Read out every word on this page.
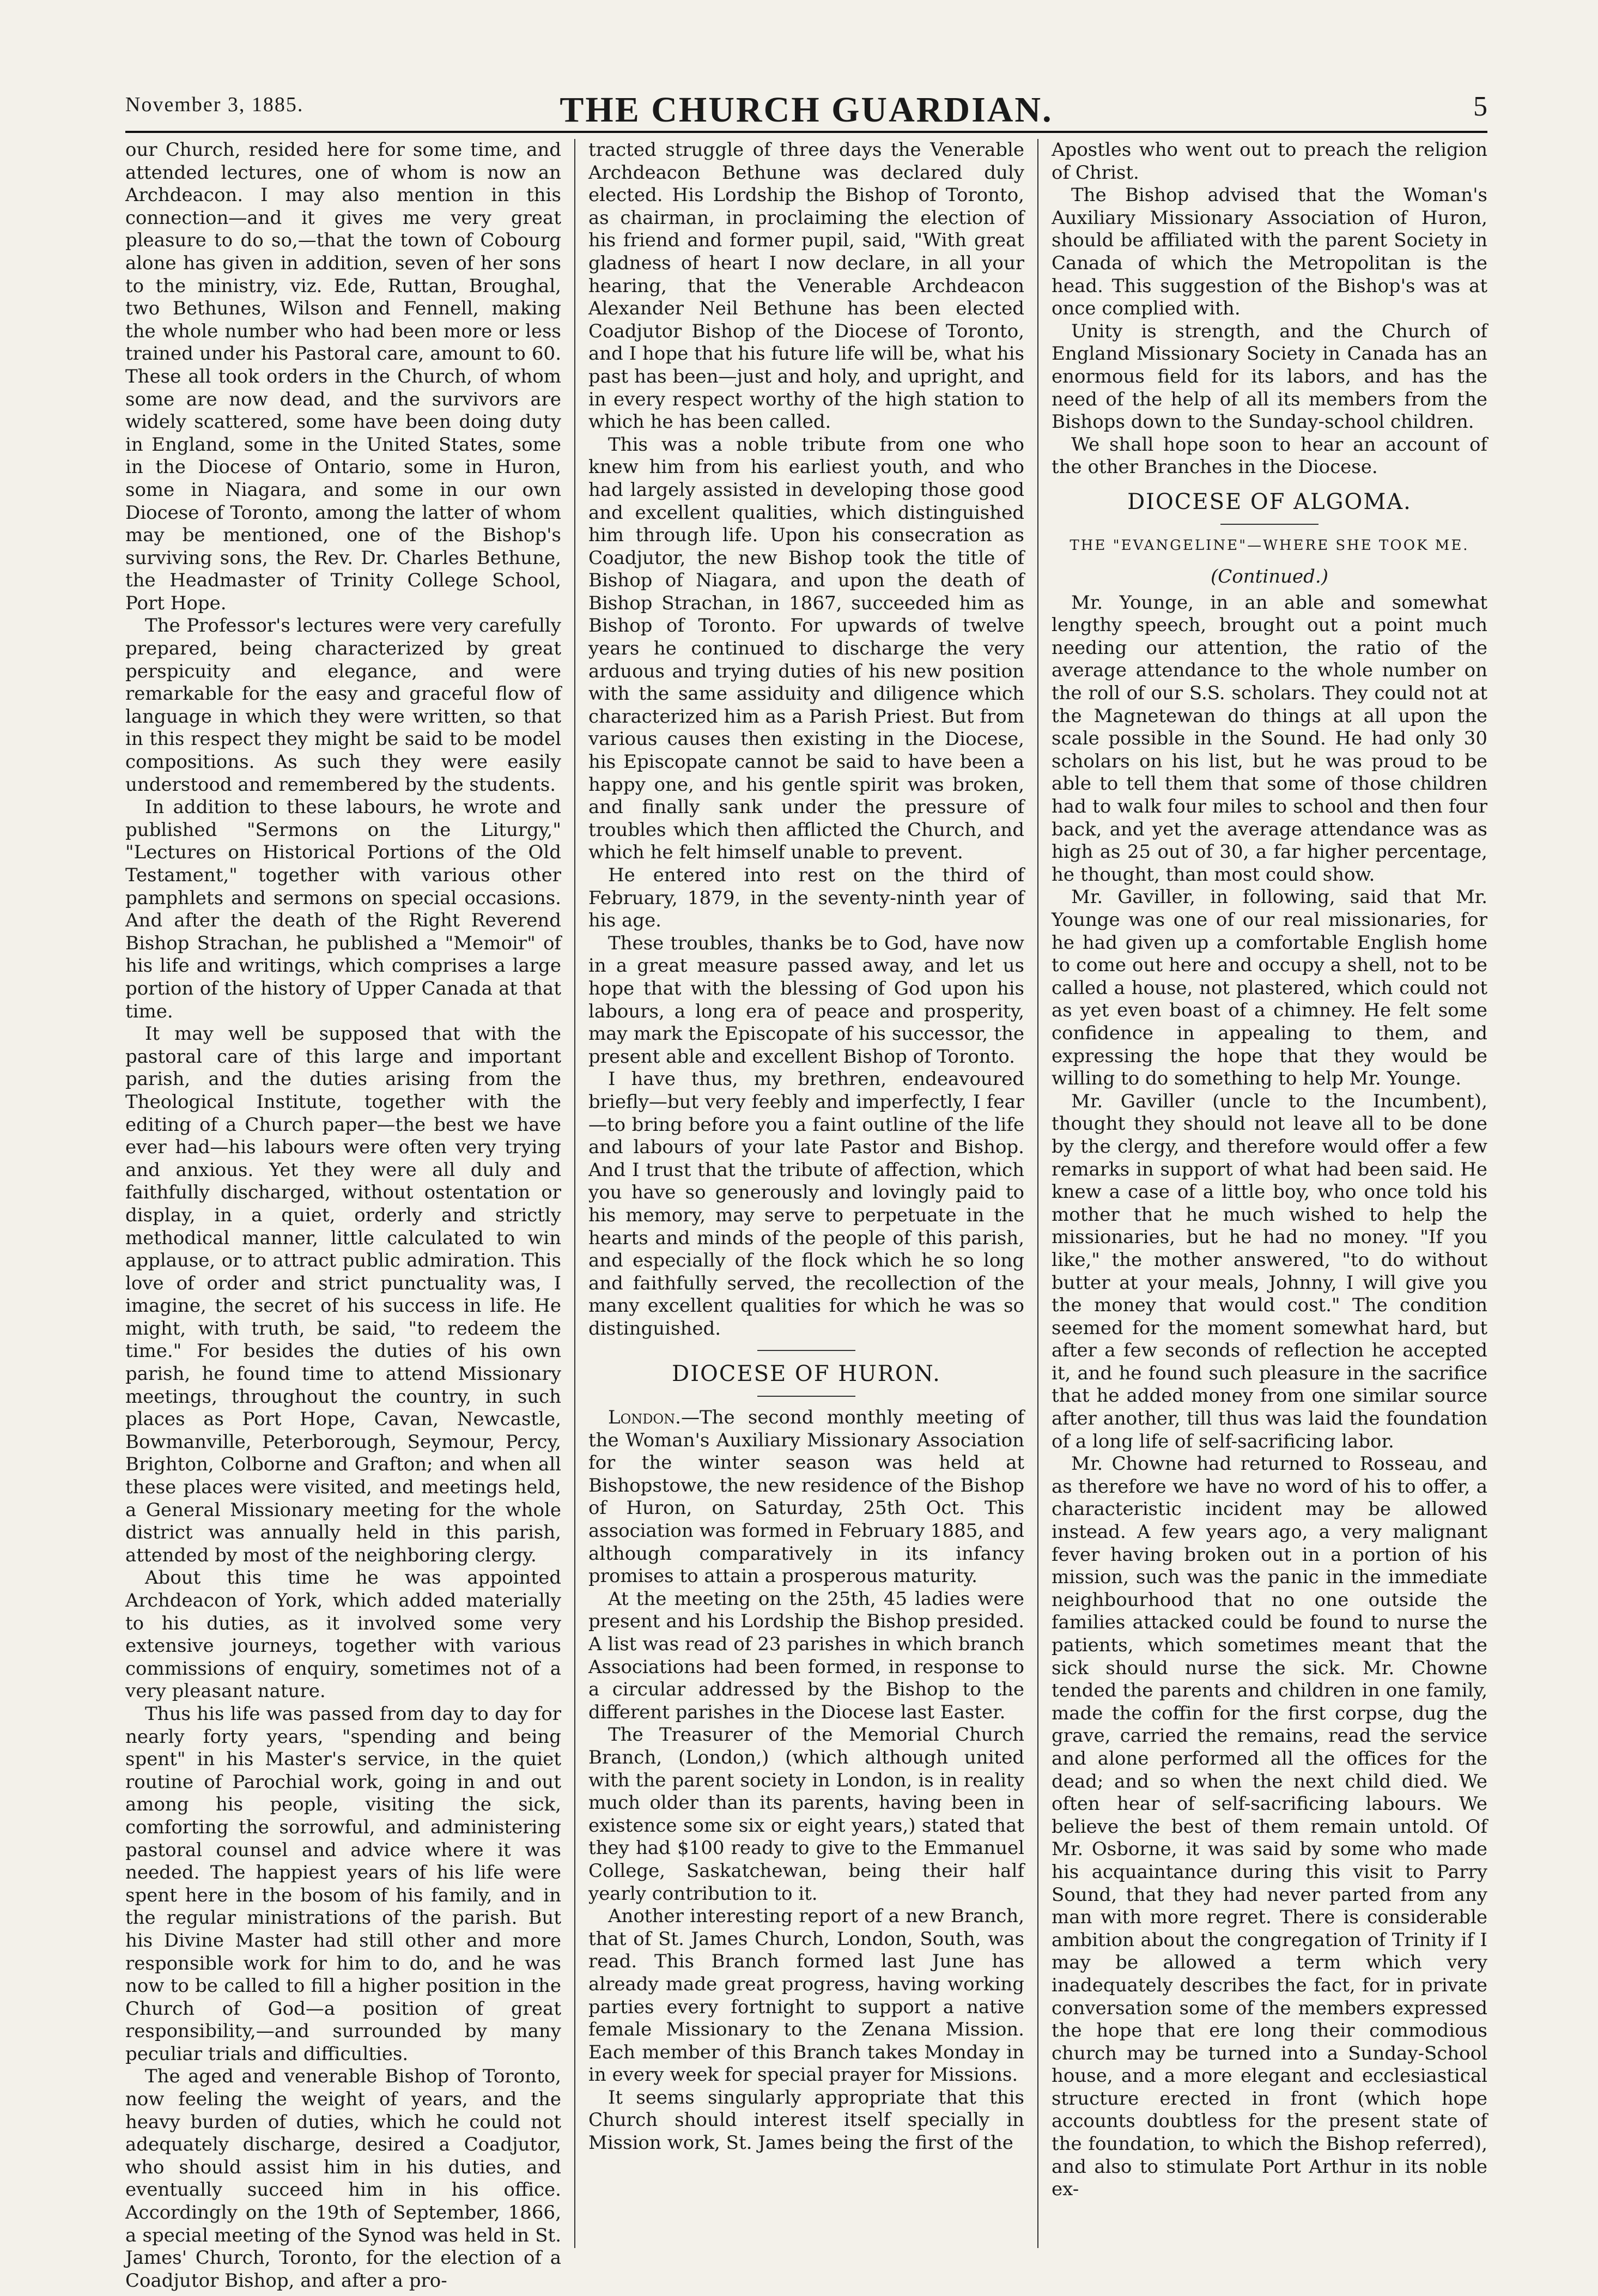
November 3, 1885.	THE CHURCH GUARDIAN.	5

our Church, resided here for some time, and attended lectures, one of whom is now an Archdeacon. I may also mention in this connection—and it gives me very great pleasure to do so,—that the town of Cobourg alone has given in addition, seven of her sons to the ministry, viz. Ede, Ruttan, Broughal, two Bethunes, Wilson and Fennell, making the whole number who had been more or less trained under his Pastoral care, amount to 60. These all took orders in the Church, of whom some are now dead, and the survivors are widely scattered, some have been doing duty in England, some in the United States, some in the Diocese of Ontario, some in Huron, some in Niagara, and some in our own Diocese of Toronto, among the latter of whom may be mentioned, one of the Bishop's surviving sons, the Rev. Dr. Charles Bethune, the Headmaster of Trinity College School, Port Hope.

The Professor's lectures were very carefully prepared, being characterized by great perspicuity and elegance, and were remarkable for the easy and graceful flow of language in which they were written, so that in this respect they might be said to be model compositions. As such they were easily understood and remembered by the students.

In addition to these labours, he wrote and published "Sermons on the Liturgy," "Lectures on Historical Portions of the Old Testament," together with various other pamphlets and sermons on special occasions. And after the death of the Right Reverend Bishop Strachan, he published a "Memoir" of his life and writings, which comprises a large portion of the history of Upper Canada at that time.

It may well be supposed that with the pastoral care of this large and important parish, and the duties arising from the Theological Institute, together with the editing of a Church paper—the best we have ever had—his labours were often very trying and anxious. Yet they were all duly and faithfully discharged, without ostentation or display, in a quiet, orderly and strictly methodical manner, little calculated to win applause, or to attract public admiration. This love of order and strict punctuality was, I imagine, the secret of his success in life. He might, with truth, be said, "to redeem the time." For besides the duties of his own parish, he found time to attend Missionary meetings, throughout the country, in such places as Port Hope, Cavan, Newcastle, Bowmanville, Peterborough, Seymour, Percy, Brighton, Colborne and Grafton; and when all these places were visited, and meetings held, a General Missionary meeting for the whole district was annually held in this parish, attended by most of the neighboring clergy.

About this time he was appointed Archdeacon of York, which added materially to his duties, as it involved some very extensive journeys, together with various commissions of enquiry, sometimes not of a very pleasant nature.

Thus his life was passed from day to day for nearly forty years, "spending and being spent" in his Master's service, in the quiet routine of Parochial work, going in and out among his people, visiting the sick, comforting the sorrowful, and administering pastoral counsel and advice where it was needed. The happiest years of his life were spent here in the bosom of his family, and in the regular ministrations of the parish. But his Divine Master had still other and more responsible work for him to do, and he was now to be called to fill a higher position in the Church of God—a position of great responsibility,—and surrounded by many peculiar trials and difficulties.

The aged and venerable Bishop of Toronto, now feeling the weight of years, and the heavy burden of duties, which he could not adequately discharge, desired a Coadjutor, who should assist him in his duties, and eventually succeed him in his office. Accordingly on the 19th of September, 1866, a special meeting of the Synod was held in St. James' Church, Toronto, for the election of a Coadjutor Bishop, and after a pro-

tracted struggle of three days the Venerable Archdeacon Bethune was declared duly elected. His Lordship the Bishop of Toronto, as chairman, in proclaiming the election of his friend and former pupil, said, "With great gladness of heart I now declare, in all your hearing, that the Venerable Archdeacon Alexander Neil Bethune has been elected Coadjutor Bishop of the Diocese of Toronto, and I hope that his future life will be, what his past has been—just and holy, and upright, and in every respect worthy of the high station to which he has been called.

This was a noble tribute from one who knew him from his earliest youth, and who had largely assisted in developing those good and excellent qualities, which distinguished him through life. Upon his consecration as Coadjutor, the new Bishop took the title of Bishop of Niagara, and upon the death of Bishop Strachan, in 1867, succeeded him as Bishop of Toronto. For upwards of twelve years he continued to discharge the very arduous and trying duties of his new position with the same assiduity and diligence which characterized him as a Parish Priest. But from various causes then existing in the Diocese, his Episcopate cannot be said to have been a happy one, and his gentle spirit was broken, and finally sank under the pressure of troubles which then afflicted the Church, and which he felt himself unable to prevent.

He entered into rest on the third of February, 1879, in the seventy-ninth year of his age.

These troubles, thanks be to God, have now in a great measure passed away, and let us hope that with the blessing of God upon his labours, a long era of peace and prosperity, may mark the Episcopate of his successor, the present able and excellent Bishop of Toronto.

I have thus, my brethren, endeavoured briefly—but very feebly and imperfectly, I fear—to bring before you a faint outline of the life and labours of your late Pastor and Bishop. And I trust that the tribute of affection, which you have so generously and lovingly paid to his memory, may serve to perpetuate in the hearts and minds of the people of this parish, and especially of the flock which he so long and faithfully served, the recollection of the many excellent qualities for which he was so distinguished.

DIOCESE OF HURON.

London.—The second monthly meeting of the Woman's Auxiliary Missionary Association for the winter season was held at Bishopstowe, the new residence of the Bishop of Huron, on Saturday, 25th Oct. This association was formed in February 1885, and although comparatively in its infancy promises to attain a prosperous maturity.

At the meeting on the 25th, 45 ladies were present and his Lordship the Bishop presided. A list was read of 23 parishes in which branch Associations had been formed, in response to a circular addressed by the Bishop to the different parishes in the Diocese last Easter.

The Treasurer of the Memorial Church Branch, (London,) (which although united with the parent society in London, is in reality much older than its parents, having been in existence some six or eight years,) stated that they had $100 ready to give to the Emmanuel College, Saskatchewan, being their half yearly contribution to it.

Another interesting report of a new Branch, that of St. James Church, London, South, was read. This Branch formed last June has already made great progress, having working parties every fortnight to support a native female Missionary to the Zenana Mission. Each member of this Branch takes Monday in in every week for special prayer for Missions.

It seems singularly appropriate that this Church should interest itself specially in Mission work, St. James being the first of the

Apostles who went out to preach the religion of Christ.

The Bishop advised that the Woman's Auxiliary Missionary Association of Huron, should be affiliated with the parent Society in Canada of which the Metropolitan is the head. This suggestion of the Bishop's was at once complied with.

Unity is strength, and the Church of England Missionary Society in Canada has an enormous field for its labors, and has the need of the help of all its members from the Bishops down to the Sunday-school children.

We shall hope soon to hear an account of the other Branches in the Diocese.

DIOCESE OF ALGOMA.
THE "EVANGELINE"—WHERE SHE TOOK ME.
(Continued.)

Mr. Younge, in an able and somewhat lengthy speech, brought out a point much needing our attention, the ratio of the average attendance to the whole number on the roll of our S.S. scholars. They could not at the Magnetewan do things at all upon the scale possible in the Sound. He had only 30 scholars on his list, but he was proud to be able to tell them that some of those children had to walk four miles to school and then four back, and yet the average attendance was as high as 25 out of 30, a far higher percentage, he thought, than most could show.

Mr. Gaviller, in following, said that Mr. Younge was one of our real missionaries, for he had given up a comfortable English home to come out here and occupy a shell, not to be called a house, not plastered, which could not as yet even boast of a chimney. He felt some confidence in appealing to them, and expressing the hope that they would be willing to do something to help Mr. Younge.

Mr. Gaviller (uncle to the Incumbent), thought they should not leave all to be done by the clergy, and therefore would offer a few remarks in support of what had been said. He knew a case of a little boy, who once told his mother that he much wished to help the missionaries, but he had no money. "If you like," the mother answered, "to do without butter at your meals, Johnny, I will give you the money that would cost." The condition seemed for the moment somewhat hard, but after a few seconds of reflection he accepted it, and he found such pleasure in the sacrifice that he added money from one similar source after another, till thus was laid the foundation of a long life of self-sacrificing labor.

Mr. Chowne had returned to Rosseau, and as therefore we have no word of his to offer, a characteristic incident may be allowed instead. A few years ago, a very malignant fever having broken out in a portion of his mission, such was the panic in the immediate neighbourhood that no one outside the families attacked could be found to nurse the patients, which sometimes meant that the sick should nurse the sick. Mr. Chowne tended the parents and children in one family, made the coffin for the first corpse, dug the grave, carried the remains, read the service and alone performed all the offices for the dead; and so when the next child died. We often hear of self-sacrificing labours. We believe the best of them remain untold. Of Mr. Osborne, it was said by some who made his acquaintance during this visit to Parry Sound, that they had never parted from any man with more regret. There is considerable ambition about the congregation of Trinity if I may be allowed a term which very inadequately describes the fact, for in private conversation some of the members expressed the hope that ere long their commodious church may be turned into a Sunday-School house, and a more elegant and ecclesiastical structure erected in front (which hope accounts doubtless for the present state of the foundation, to which the Bishop referred), and also to stimulate Port Arthur in its noble ex-
